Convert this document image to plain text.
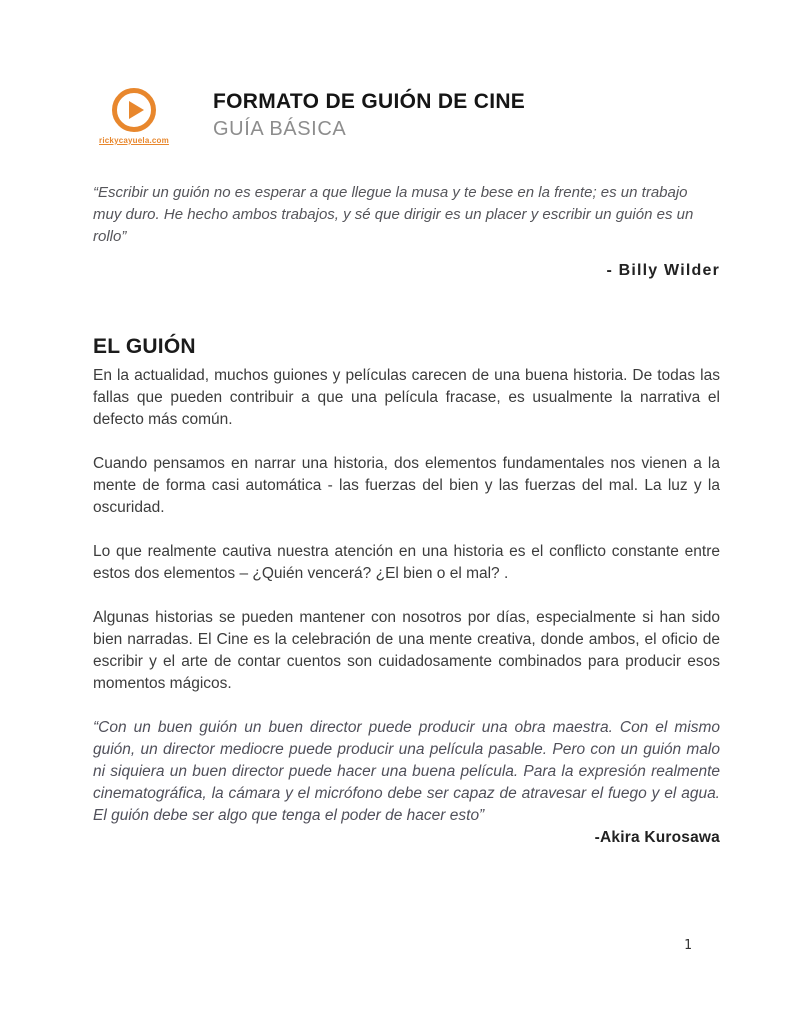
rickycayuela.com
FORMATO DE GUIÓN DE CINE
GUÍA BÁSICA
“Escribir un guión no es esperar a que llegue la musa y te bese en la frente; es un trabajo muy duro. He hecho ambos trabajos, y sé que dirigir es un placer y escribir un guión es un rollo”
- Billy Wilder
EL GUIÓN

En la actualidad, muchos guiones y películas carecen de una buena historia. De todas las fallas que pueden contribuir a que una película fracase, es usualmente la narrativa el defecto más común.

Cuando pensamos en narrar una historia, dos elementos fundamentales nos vienen a la mente de forma casi automática - las fuerzas del bien y las fuerzas del mal. La luz y la oscuridad.

Lo que realmente cautiva nuestra atención en una historia es el conflicto constante entre estos dos elementos – ¿Quién vencerá? ¿El bien o el mal? .

Algunas historias se pueden mantener con nosotros por días, especialmente si han sido bien narradas. El Cine es la celebración de una mente creativa, donde ambos, el oficio de escribir y el arte de contar cuentos son cuidadosamente combinados para producir esos momentos mágicos.

“Con un buen guión un buen director puede producir una obra maestra. Con el mismo guión, un director mediocre puede producir una película pasable. Pero con un guión malo ni siquiera un buen director puede hacer una buena película. Para la expresión realmente cinematográfica, la cámara y el micrófono debe ser capaz de atravesar el fuego y el agua. El guión debe ser algo que tenga el poder de hacer esto”
-Akira Kurosawa
1
